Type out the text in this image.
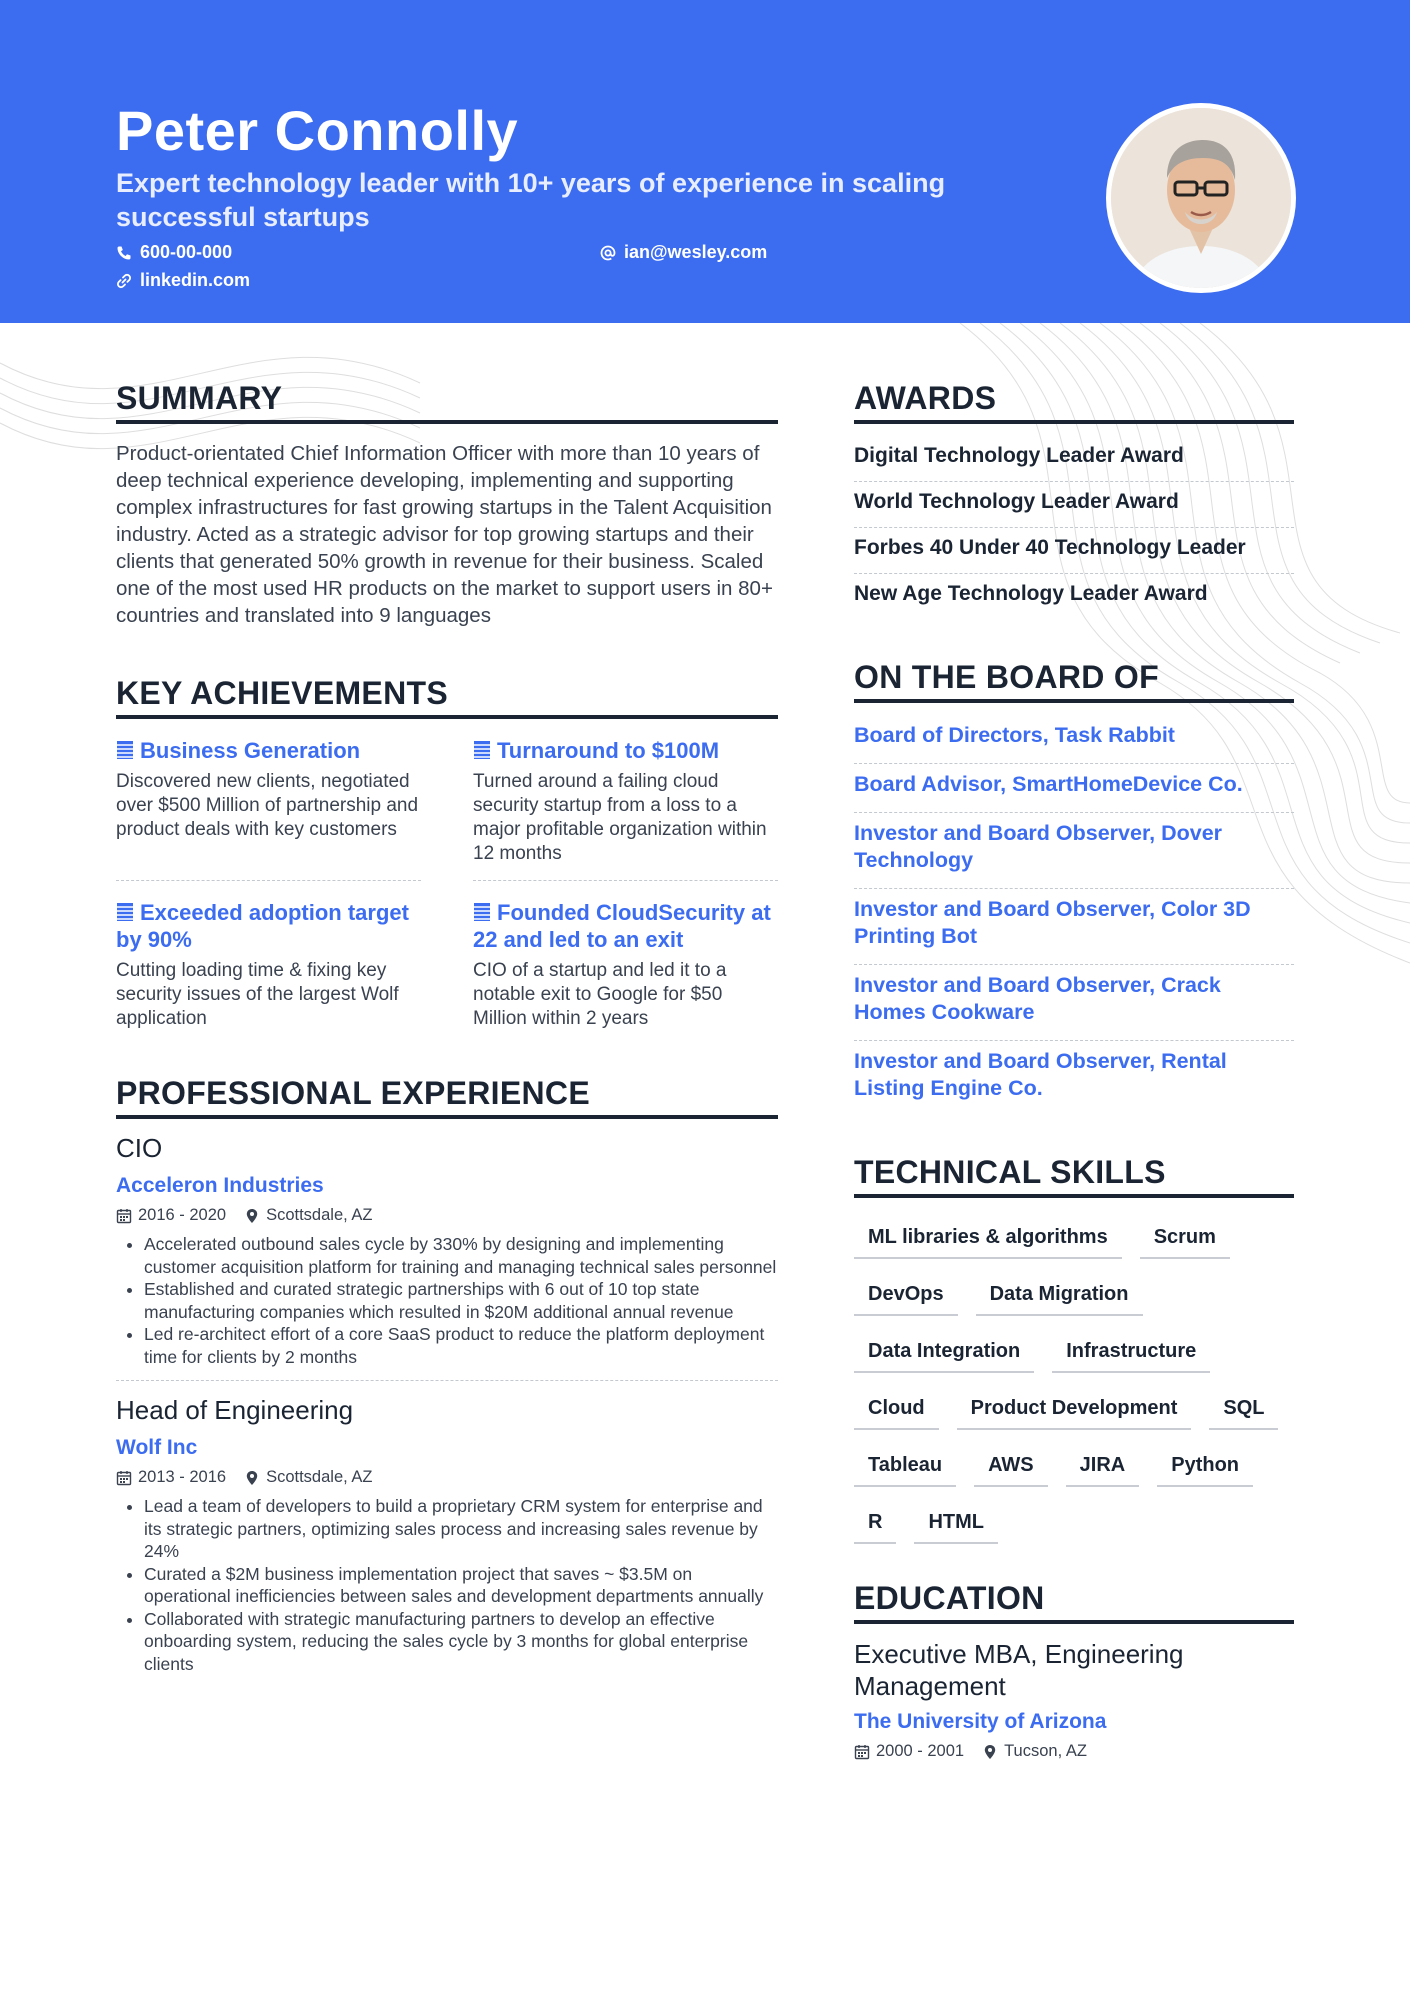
Peter Connolly
Expert technology leader with 10+ years of experience in scaling successful startups
600-00-000	ian@wesley.com
linkedin.com
SUMMARY

Product-orientated Chief Information Officer with more than 10 years of deep technical experience developing, implementing and supporting complex infrastructures for fast growing startups in the Talent Acquisition industry. Acted as a strategic advisor for top growing startups and their clients that generated 50% growth in revenue for their business. Scaled one of the most used HR products on the market to support users in 80+ countries and translated into 9 languages

KEY ACHIEVEMENTS
Business Generation
Discovered new clients, negotiated over $500 Million of partnership and product deals with key customers
Turnaround to $100M
Turned around a failing cloud security startup from a loss to a major profitable organization within 12 months
Exceeded adoption target by 90%
Cutting loading time & fixing key security issues of the largest Wolf application
Founded CloudSecurity at 22 and led to an exit
CIO of a startup and led it to a notable exit to Google for $50 Million within 2 years
PROFESSIONAL EXPERIENCE
CIO
Acceleron Industries
2016 - 2020 Scottsdale, AZ
• Accelerated outbound sales cycle by 330% by designing and implementing customer acquisition platform for training and managing technical sales personnel
• Established and curated strategic partnerships with 6 out of 10 top state manufacturing companies which resulted in $20M additional annual revenue
• Led re-architect effort of a core SaaS product to reduce the platform deployment time for clients by 2 months
Head of Engineering
Wolf Inc
2013 - 2016 Scottsdale, AZ
• Lead a team of developers to build a proprietary CRM system for enterprise and its strategic partners, optimizing sales process and increasing sales revenue by 24%
• Curated a $2M business implementation project that saves ~ $3.5M on operational inefficiencies between sales and development departments annually
• Collaborated with strategic manufacturing partners to develop an effective onboarding system, reducing the sales cycle by 3 months for global enterprise clients
AWARDS
Digital Technology Leader Award
World Technology Leader Award
Forbes 40 Under 40 Technology Leader
New Age Technology Leader Award
ON THE BOARD OF
Board of Directors, Task Rabbit
Board Advisor, SmartHomeDevice Co.
Investor and Board Observer, Dover Technology
Investor and Board Observer, Color 3D Printing Bot
Investor and Board Observer, Crack Homes Cookware
Investor and Board Observer, Rental Listing Engine Co.
TECHNICAL SKILLS
ML libraries & algorithms	Scrum
DevOps	Data Migration
Data Integration	Infrastructure
Cloud	Product Development	SQL
Tableau	AWS	JIRA	Python
R	HTML
EDUCATION
Executive MBA, Engineering Management
The University of Arizona
2000 - 2001 Tucson, AZ
